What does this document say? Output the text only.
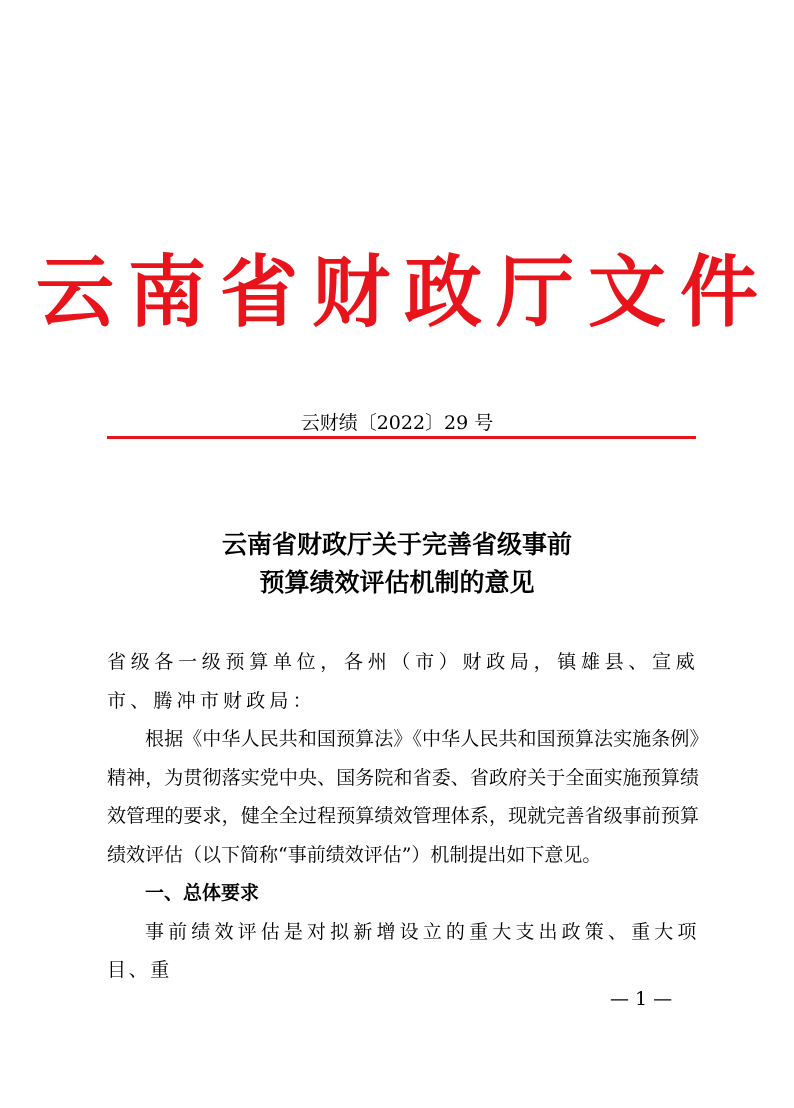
云南省财政厅文件
云财绩〔2022〕29 号
云南省财政厅关于完善省级事前
预算绩效评估机制的意见

省级各一级预算单位，各州（市）财政局，镇雄县、宣威市、腾冲市财政局：

根据《中华人民共和国预算法》《中华人民共和国预算法实施条例》精神，为贯彻落实党中央、国务院和省委、省政府关于全面实施预算绩效管理的要求，健全全过程预算绩效管理体系，现就完善省级事前预算绩效评估（以下简称“事前绩效评估”）机制提出如下意见。

一、总体要求

事前绩效评估是对拟新增设立的重大支出政策、重大项目、重

— 1 —
